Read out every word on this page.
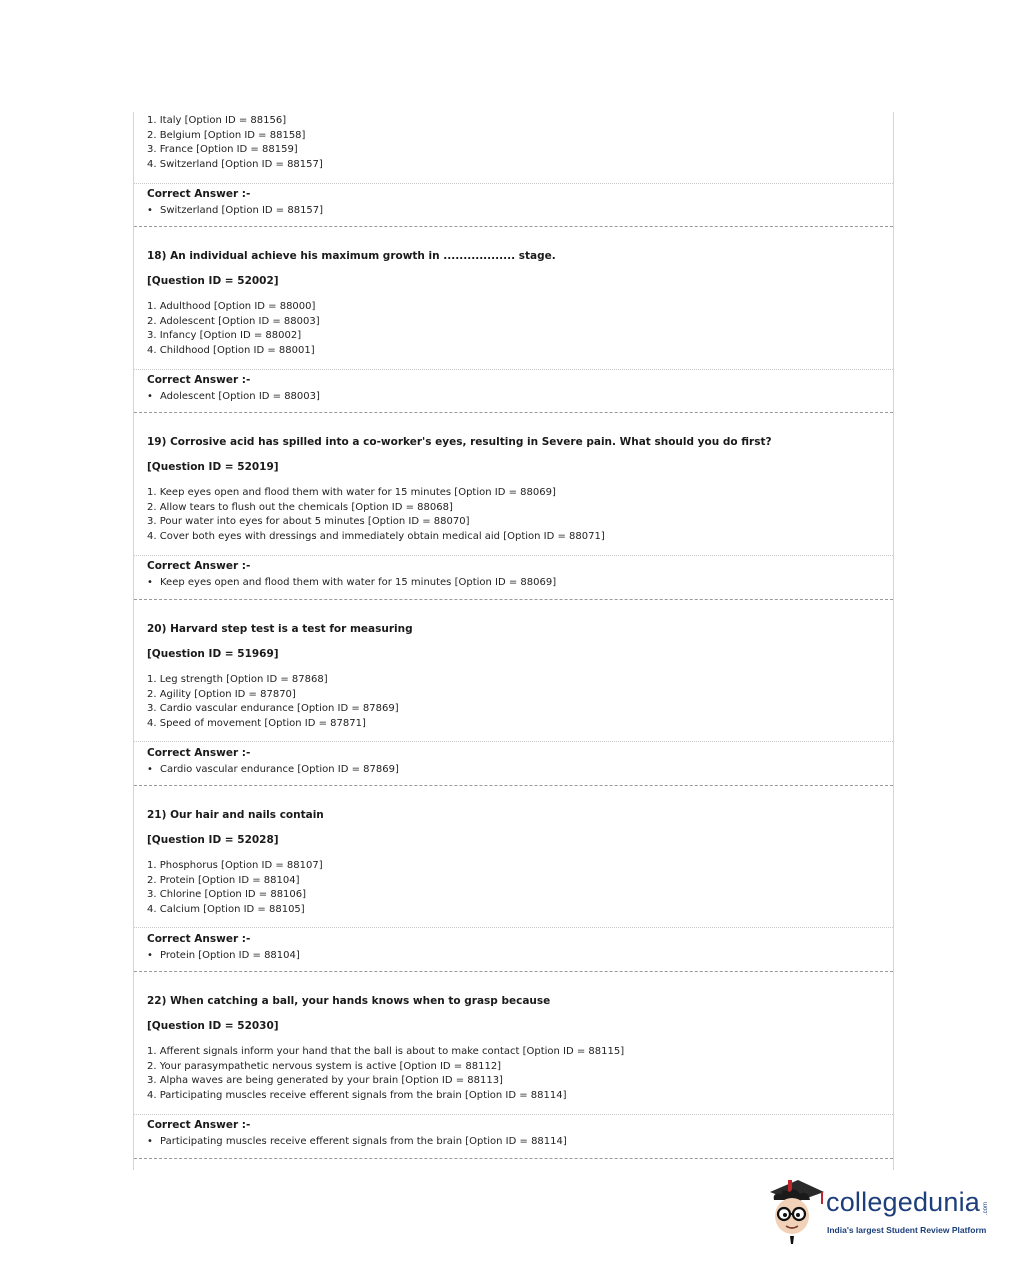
1. Italy [Option ID = 88156]
2. Belgium [Option ID = 88158]
3. France [Option ID = 88159]
4. Switzerland [Option ID = 88157]
Correct Answer :-
• Switzerland [Option ID = 88157]
18) An individual achieve his maximum growth in .................. stage.
[Question ID = 52002]
1. Adulthood [Option ID = 88000]
2. Adolescent [Option ID = 88003]
3. Infancy [Option ID = 88002]
4. Childhood [Option ID = 88001]
Correct Answer :-
• Adolescent [Option ID = 88003]
19) Corrosive acid has spilled into a co-worker's eyes, resulting in Severe pain. What should you do first?
[Question ID = 52019]
1. Keep eyes open and flood them with water for 15 minutes [Option ID = 88069]
2. Allow tears to flush out the chemicals [Option ID = 88068]
3. Pour water into eyes for about 5 minutes [Option ID = 88070]
4. Cover both eyes with dressings and immediately obtain medical aid [Option ID = 88071]
Correct Answer :-
• Keep eyes open and flood them with water for 15 minutes [Option ID = 88069]
20) Harvard step test is a test for measuring
[Question ID = 51969]
1. Leg strength [Option ID = 87868]
2. Agility [Option ID = 87870]
3. Cardio vascular endurance [Option ID = 87869]
4. Speed of movement [Option ID = 87871]
Correct Answer :-
• Cardio vascular endurance [Option ID = 87869]
21) Our hair and nails contain
[Question ID = 52028]
1. Phosphorus [Option ID = 88107]
2. Protein [Option ID = 88104]
3. Chlorine [Option ID = 88106]
4. Calcium [Option ID = 88105]
Correct Answer :-
• Protein [Option ID = 88104]
22) When catching a ball, your hands knows when to grasp because
[Question ID = 52030]
1. Afferent signals inform your hand that the ball is about to make contact [Option ID = 88115]
2. Your parasympathetic nervous system is active [Option ID = 88112]
3. Alpha waves are being generated by your brain [Option ID = 88113]
4. Participating muscles receive efferent signals from the brain [Option ID = 88114]
Correct Answer :-
• Participating muscles receive efferent signals from the brain [Option ID = 88114]
collegedunia .com
India's largest Student Review Platform
